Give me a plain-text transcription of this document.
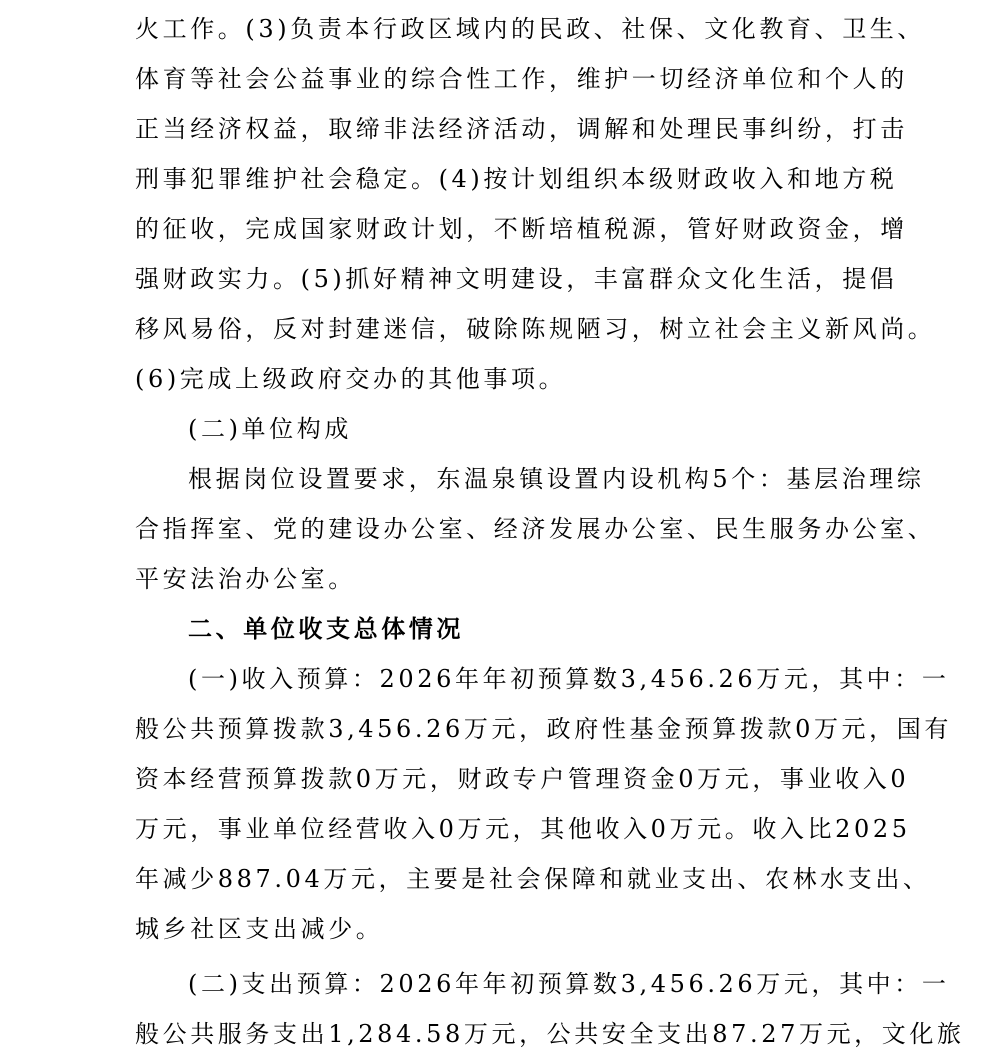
火工作。(3)负责本行政区域内的民政、社保、文化教育、卫生、
体育等社会公益事业的综合性工作，维护一切经济单位和个人的
正当经济权益，取缔非法经济活动，调解和处理民事纠纷，打击
刑事犯罪维护社会稳定。(4)按计划组织本级财政收入和地方税
的征收，完成国家财政计划，不断培植税源，管好财政资金，增
强财政实力。(5)抓好精神文明建设，丰富群众文化生活，提倡
移风易俗，反对封建迷信，破除陈规陋习，树立社会主义新风尚。
(6)完成上级政府交办的其他事项。
(二)单位构成
根据岗位设置要求，东温泉镇设置内设机构5个：基层治理综
合指挥室、党的建设办公室、经济发展办公室、民生服务办公室、
平安法治办公室。
二、单位收支总体情况
(一)收入预算：2026年年初预算数3,456.26万元，其中：一
般公共预算拨款3,456.26万元，政府性基金预算拨款0万元，国有
资本经营预算拨款0万元，财政专户管理资金0万元，事业收入0
万元，事业单位经营收入0万元，其他收入0万元。收入比2025
年减少887.04万元，主要是社会保障和就业支出、农林水支出、
城乡社区支出减少。
(二)支出预算：2026年年初预算数3,456.26万元，其中：一
般公共服务支出1,284.58万元，公共安全支出87.27万元，文化旅
